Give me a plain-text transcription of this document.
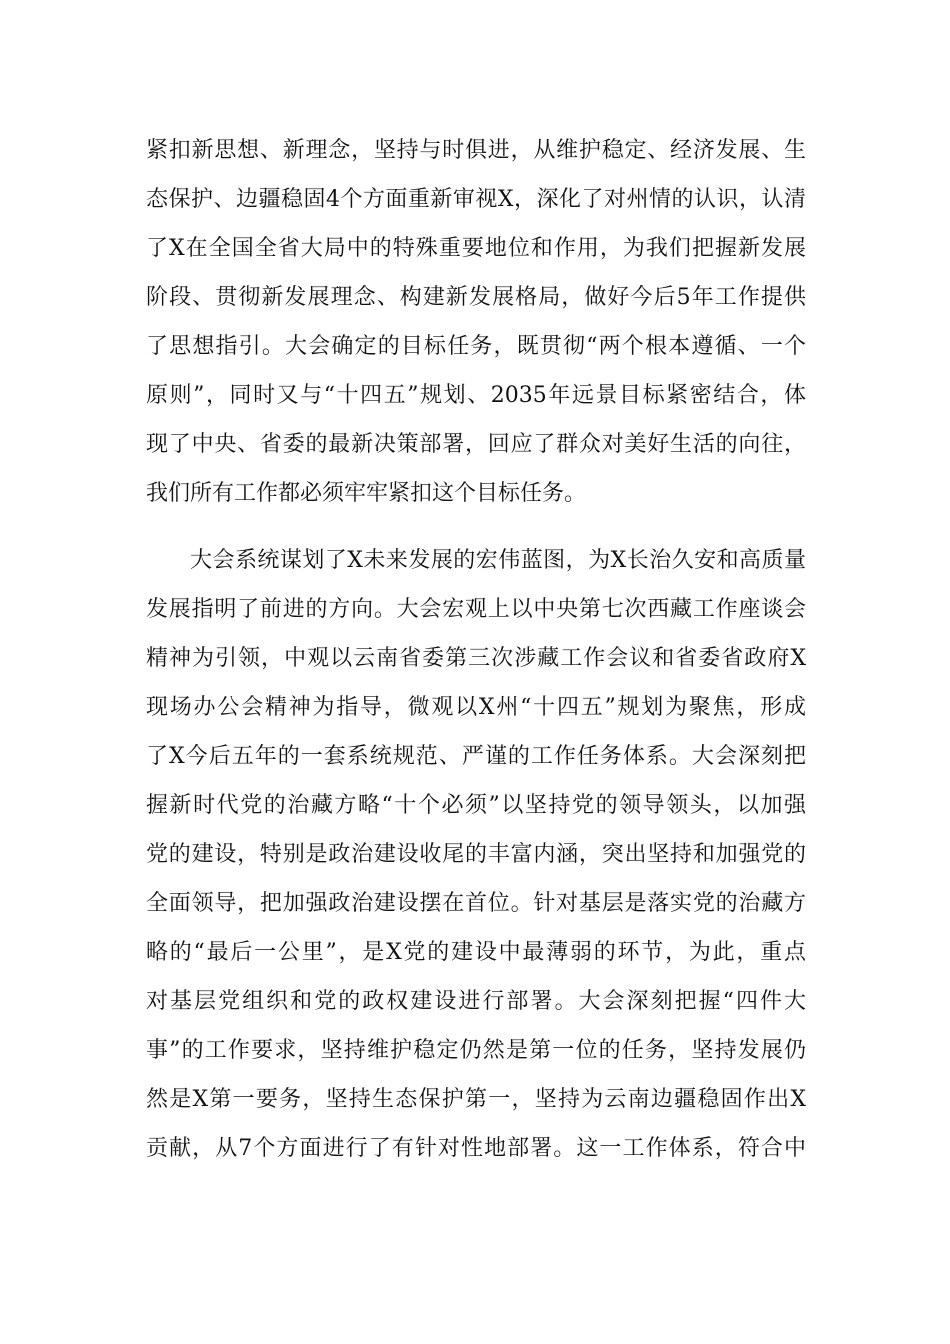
紧扣新思想、新理念，坚持与时俱进，从维护稳定、经济发展、生
态保护、边疆稳固4个方面重新审视X，深化了对州情的认识，认清
了X在全国全省大局中的特殊重要地位和作用，为我们把握新发展
阶段、贯彻新发展理念、构建新发展格局，做好今后5年工作提供
了思想指引。大会确定的目标任务，既贯彻“两个根本遵循、一个
原则”，同时又与“十四五”规划、2035年远景目标紧密结合，体
现了中央、省委的最新决策部署，回应了群众对美好生活的向往，
我们所有工作都必须牢牢紧扣这个目标任务。
大会系统谋划了X未来发展的宏伟蓝图，为X长治久安和高质量
发展指明了前进的方向。大会宏观上以中央第七次西藏工作座谈会
精神为引领，中观以云南省委第三次涉藏工作会议和省委省政府X
现场办公会精神为指导，微观以X州“十四五”规划为聚焦，形成
了X今后五年的一套系统规范、严谨的工作任务体系。大会深刻把
握新时代党的治藏方略“十个必须”以坚持党的领导领头，以加强
党的建设，特别是政治建设收尾的丰富内涵，突出坚持和加强党的
全面领导，把加强政治建设摆在首位。针对基层是落实党的治藏方
略的“最后一公里”，是X党的建设中最薄弱的环节，为此，重点
对基层党组织和党的政权建设进行部署。大会深刻把握“四件大
事”的工作要求，坚持维护稳定仍然是第一位的任务，坚持发展仍
然是X第一要务，坚持生态保护第一，坚持为云南边疆稳固作出X
贡献，从7个方面进行了有针对性地部署。这一工作体系，符合中
